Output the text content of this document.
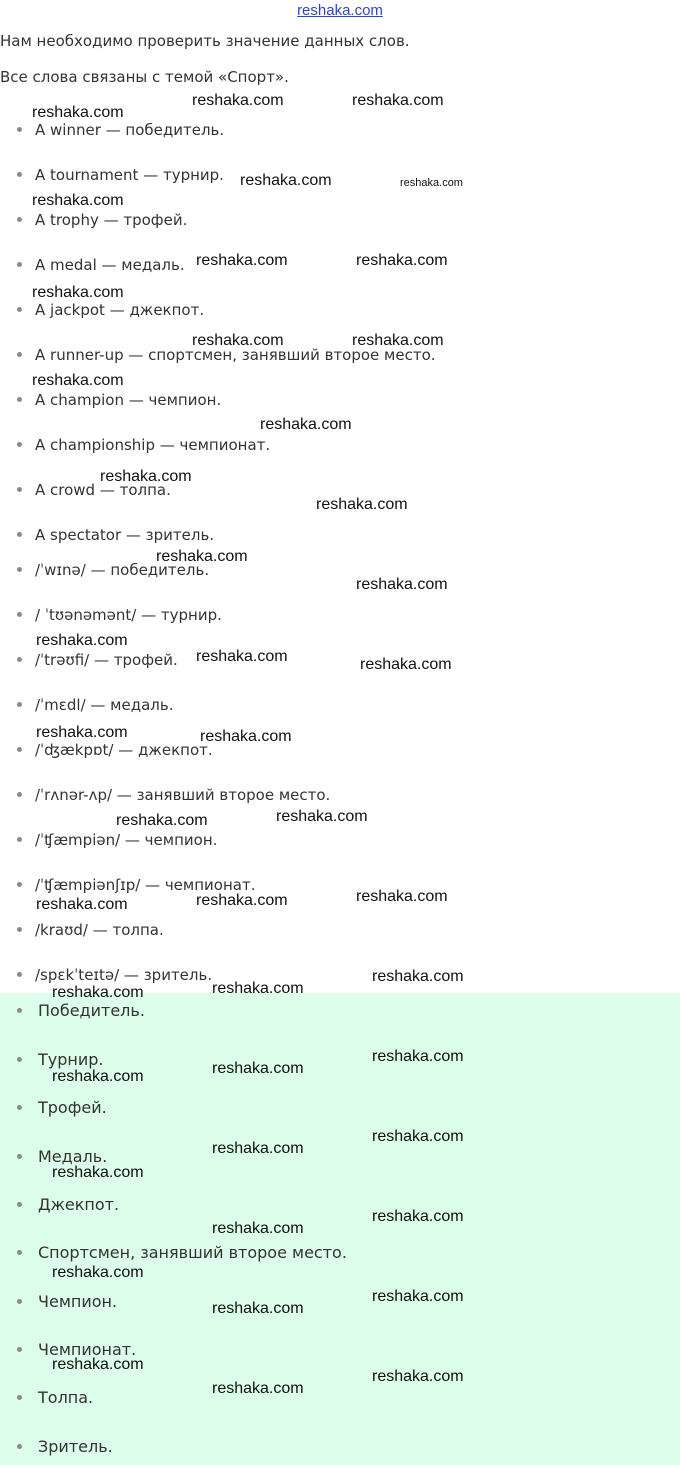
reshaka.com
Нам необходимо проверить значение данных слов.
Все слова связаны с темой «Спорт».
A winner — победитель.
A tournament — турнир.
A trophy — трофей.
A medal — медаль.
A jackpot — джекпот.
A runner-up — спортсмен, занявший второе место.
A champion — чемпион.
A championship — чемпионат.
A crowd — толпа.
A spectator — зритель.
/ˈwɪnə/ — победитель.
/ ˈtʊənəmənt/ — турнир.
/ˈtrəʊfi/ — трофей.
/ˈmɛdl/ — медаль.
/ˈʤækpɒt/ — джекпот.
/ˈrʌnər-ʌp/ — занявший второе место.
/ˈʧæmpiən/ — чемпион.
/ˈʧæmpiənʃɪp/ — чемпионат.
/kraʊd/ — толпа.
/spɛkˈteɪtə/ — зритель.
Победитель.
Турнир.
Трофей.
Медаль.
Джекпот.
Спортсмен, занявший второе место.
Чемпион.
Чемпионат.
Толпа.
Зритель.
reshaka.com
reshaka.com	reshaka.com
reshaka.com	reshaka.com
reshaka.com
reshaka.com	reshaka.com
reshaka.com
reshaka.com	reshaka.com
reshaka.com
reshaka.com
reshaka.com
reshaka.com
reshaka.com
reshaka.com
reshaka.com
reshaka.com	reshaka.com
reshaka.com	reshaka.com
reshaka.com
reshaka.com
reshaka.com	reshaka.com
reshaka.com
reshaka.com
reshaka.com
reshaka.com
reshaka.com
reshaka.com
reshaka.com
reshaka.com
reshaka.com
reshaka.com
reshaka.com
reshaka.com
reshaka.com
reshaka.com
reshaka.com
reshaka.com
reshaka.com
reshaka.com
